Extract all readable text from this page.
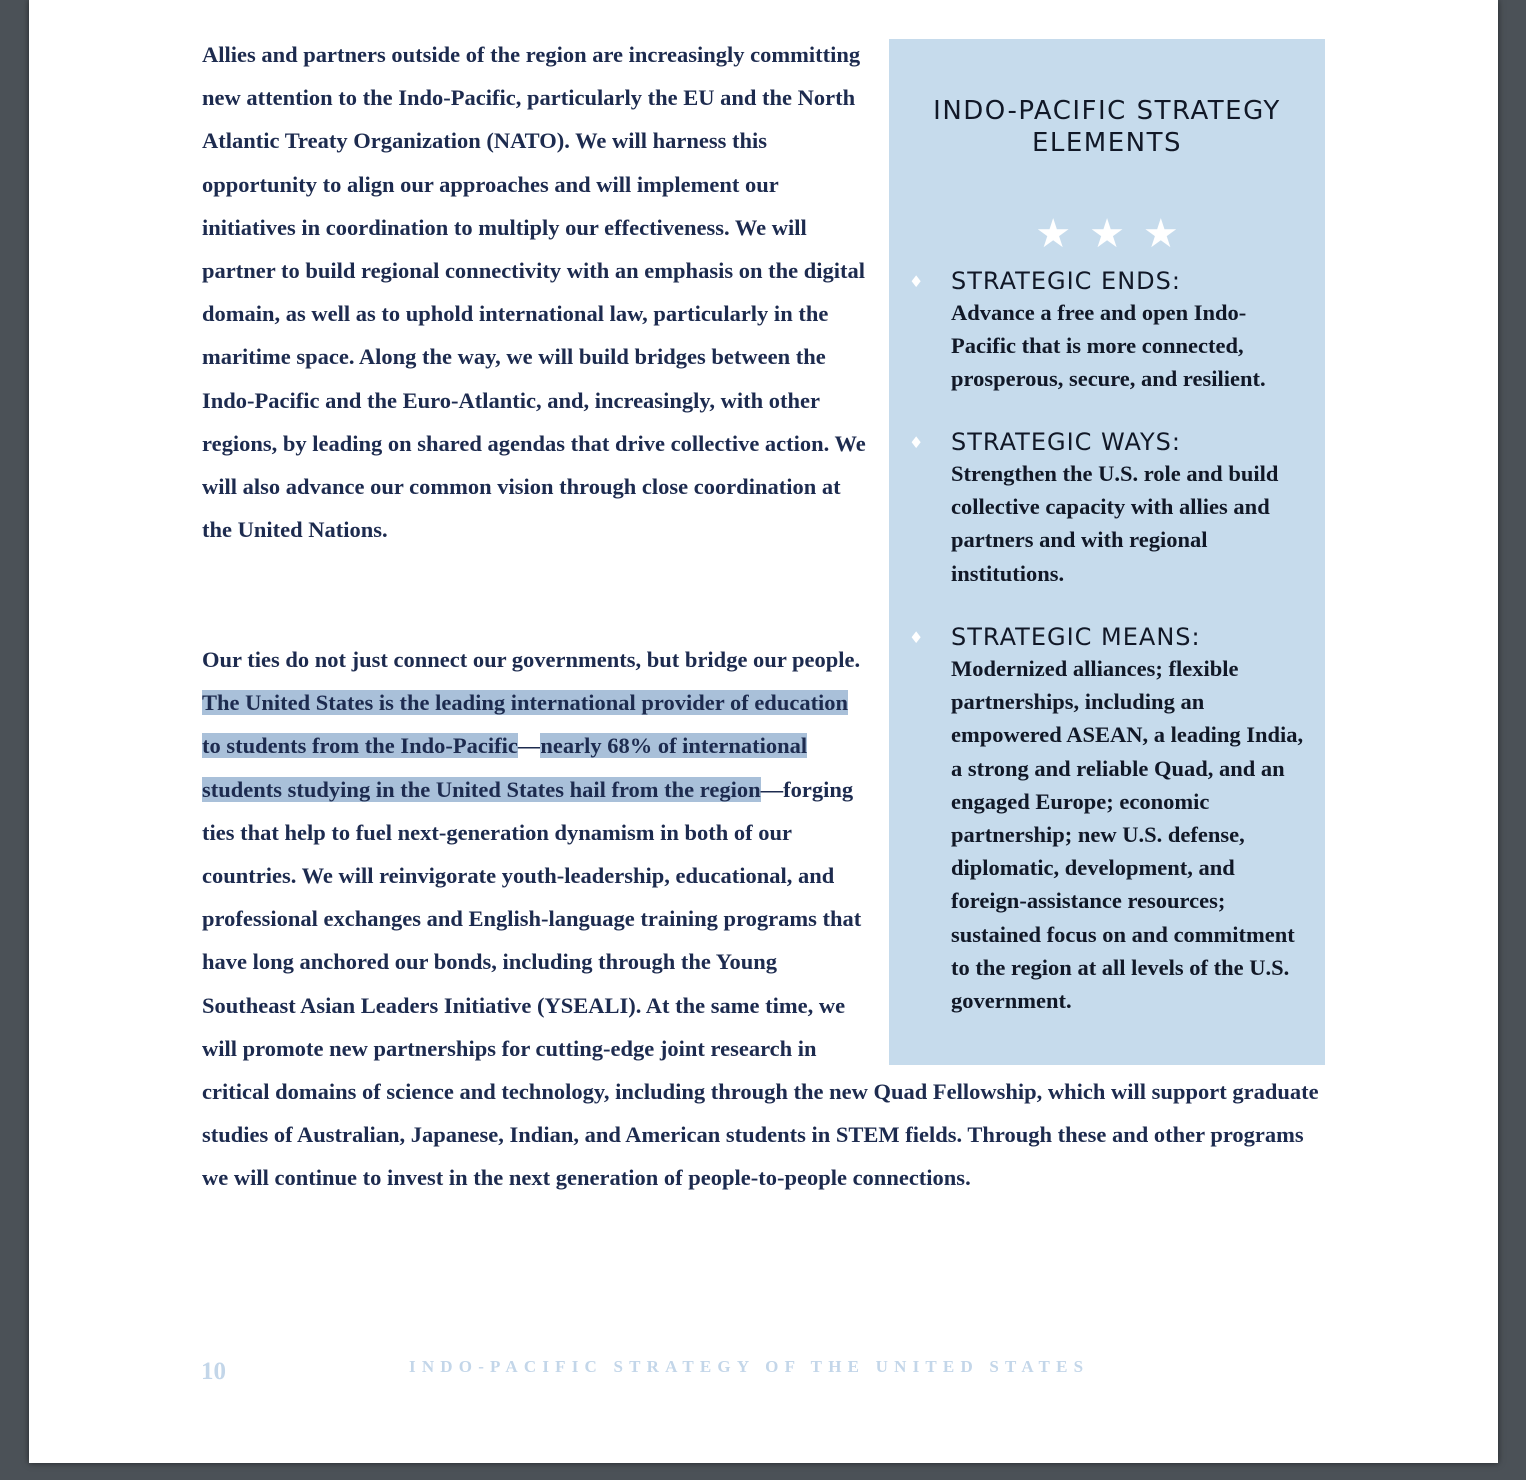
Allies and partners outside of the region are increasingly committing new attention to the Indo-Pacific, particularly the EU and the North Atlantic Treaty Organization (NATO). We will harness this opportunity to align our approaches and will implement our initiatives in coordination to multiply our effectiveness. We will partner to build regional connectivity with an emphasis on the digital domain, as well as to uphold international law, particularly in the maritime space. Along the way, we will build bridges between the Indo-Pacific and the Euro-Atlantic, and, increasingly, with other regions, by leading on shared agendas that drive collective action. We will also advance our common vision through close coordination at the United Nations.

Our ties do not just connect our governments, but bridge our people. The United States is the leading international provider of education to students from the Indo-Pacific—nearly 68% of international students studying in the United States hail from the region—forging ties that help to fuel next-generation dynamism in both of our countries. We will reinvigorate youth-leadership, educational, and professional exchanges and English-language training programs that have long anchored our bonds, including through the Young Southeast Asian Leaders Initiative (YSEALI). At the same time, we will promote new partnerships for cutting-edge joint research in critical domains of science and technology, including through the new Quad Fellowship, which will support graduate studies of Australian, Japanese, Indian, and American students in STEM fields. Through these and other programs we will continue to invest in the next generation of people-to-people connections.
INDO-PACIFIC STRATEGY
ELEMENTS
★★★
♦ STRATEGIC ENDS:

Advance a free and open Indo-Pacific that is more connected, prosperous, secure, and resilient.

♦ STRATEGIC WAYS:

Strengthen the U.S. role and build collective capacity with allies and partners and with regional institutions.

♦ STRATEGIC MEANS:

Modernized alliances; flexible partnerships, including an empowered ASEAN, a leading India, a strong and reliable Quad, and an engaged Europe; economic partnership; new U.S. defense, diplomatic, development, and foreign-assistance resources; sustained focus on and commitment to the region at all levels of the U.S. government.

10	INDO-PACIFIC STRATEGY OF THE UNITED STATES
